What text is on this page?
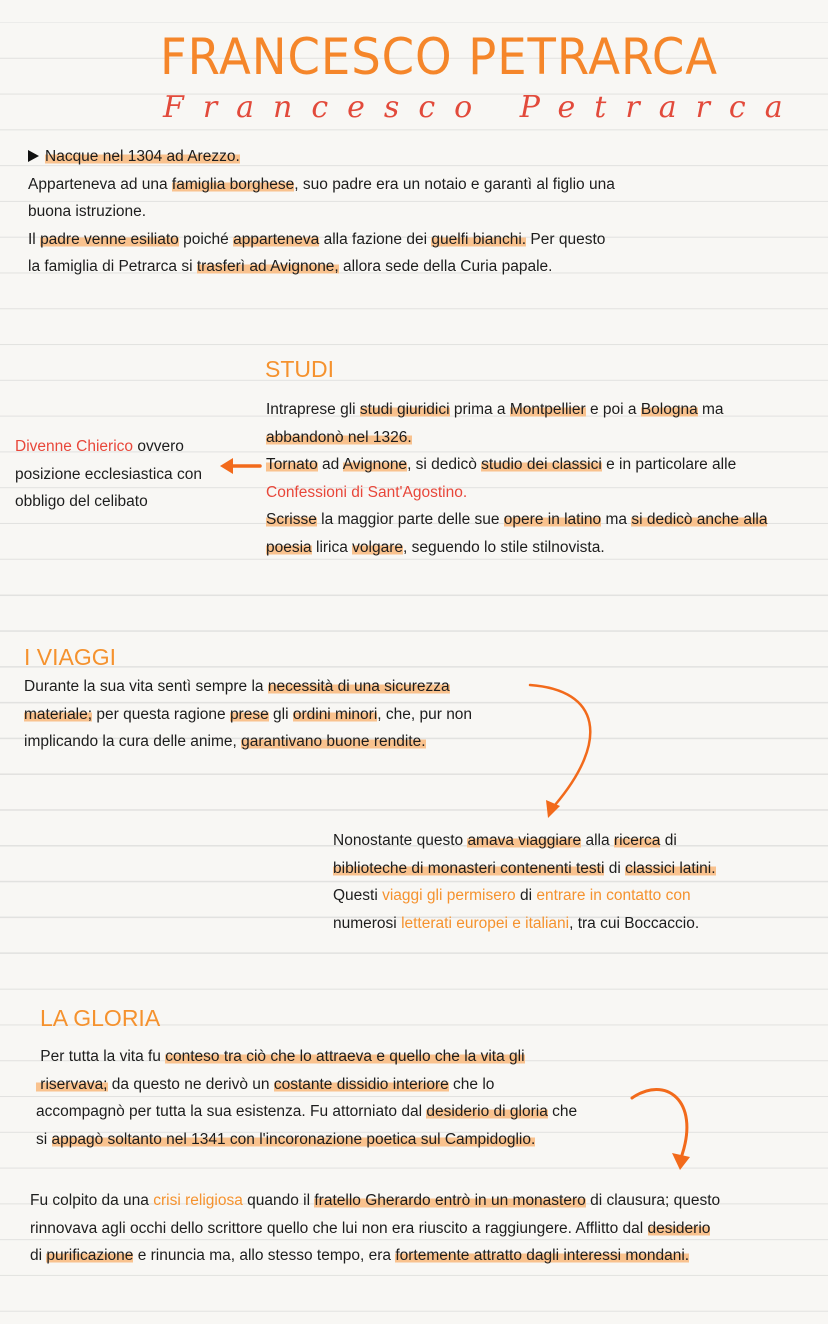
FRANCESCO PETRARCA
Francesco Petrarca
Nacque nel 1304 ad Arezzo.
Apparteneva ad una famiglia borghese, suo padre era un notaio e garantì al figlio una
buona istruzione.
Il padre venne esiliato poiché apparteneva alla fazione dei guelfi bianchi. Per questo
la famiglia di Petrarca si trasferì ad Avignone, allora sede della Curia papale.
STUDI
Intraprese gli studi giuridici prima a Montpellier e poi a Bologna ma
abbandonò nel 1326.
Tornato ad Avignone, si dedicò studio dei classici e in particolare alle
Confessioni di Sant'Agostino.
Scrisse la maggior parte delle sue opere in latino ma si dedicò anche alla
poesia lirica volgare, seguendo lo stile stilnovista.
Divenne Chierico ovvero
posizione ecclesiastica con
obbligo del celibato
I VIAGGI
Durante la sua vita sentì sempre la necessità di una sicurezza
materiale; per questa ragione prese gli ordini minori, che, pur non
implicando la cura delle anime, garantivano buone rendite.
Nonostante questo amava viaggiare alla ricerca di
biblioteche di monasteri contenenti testi di classici latini.
Questi viaggi gli permisero di entrare in contatto con
numerosi letterati europei e italiani, tra cui Boccaccio.
LA GLORIA
Per tutta la vita fu conteso tra ciò che lo attraeva e quello che la vita gli
riservava; da questo ne derivò un costante dissidio interiore che lo
accompagnò per tutta la sua esistenza. Fu attorniato dal desiderio di gloria che
si appagò soltanto nel 1341 con l'incoronazione poetica sul Campidoglio.
Fu colpito da una crisi religiosa quando il fratello Gherardo entrò in un monastero di clausura; questo
rinnovava agli occhi dello scrittore quello che lui non era riuscito a raggiungere. Afflitto dal desiderio
di purificazione e rinuncia ma, allo stesso tempo, era fortemente attratto dagli interessi mondani.
